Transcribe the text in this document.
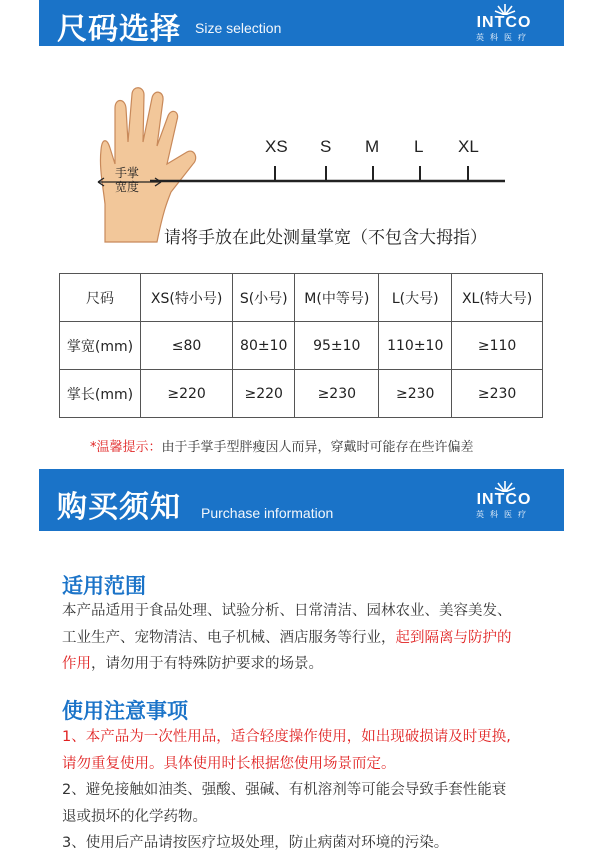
尺码选择 Size selection	INTCO
英科医疗
手掌
宽度
XS S M L XL
请将手放在此处测量掌宽（不包含大拇指）
尺码	XS(特小号)	S(小号)	M(中等号)	L(大号)	XL(特大号)
掌宽(mm)	≤80	80±10	95±10	110±10	≥110
掌长(mm)	≥220	≥220	≥230	≥230	≥230
*温馨提示：由于手掌手型胖瘦因人而异，穿戴时可能存在些许偏差
购买须知 Purchase information
INTCO
英科医疗
适用范围
本产品适用于食品处理、试验分析、日常清洁、园林农业、美容美发、
工业生产、宠物清洁、电子机械、酒店服务等行业，起到隔离与防护的
作用，请勿用于有特殊防护要求的场景。
使用注意事项
1、本产品为一次性用品，适合轻度操作使用，如出现破损请及时更换,
请勿重复使用。具体使用时长根据您使用场景而定。
2、避免接触如油类、强酸、强碱、有机溶剂等可能会导致手套性能衰
退或损坏的化学药物。
3、使用后产品请按医疗垃圾处理，防止病菌对环境的污染。
